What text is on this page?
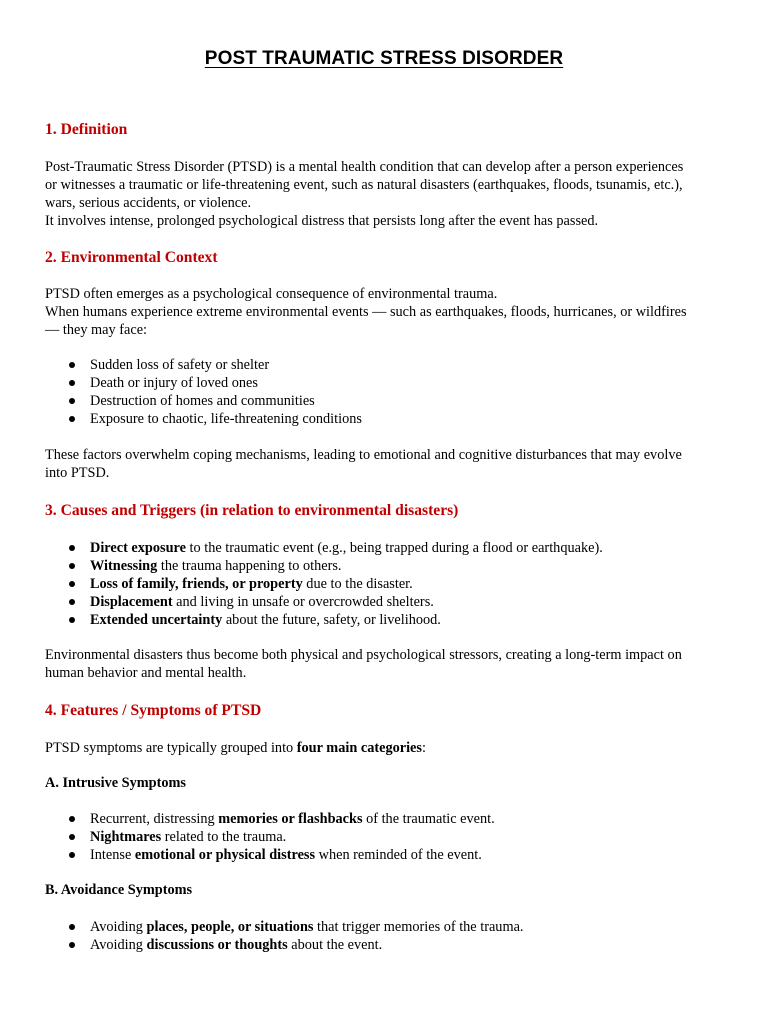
POST TRAUMATIC STRESS DISORDER
1. Definition
Post-Traumatic Stress Disorder (PTSD) is a mental health condition that can develop after a person experiences
or witnesses a traumatic or life-threatening event, such as natural disasters (earthquakes, floods, tsunamis, etc.),
wars, serious accidents, or violence.
It involves intense, prolonged psychological distress that persists long after the event has passed.
2. Environmental Context
PTSD often emerges as a psychological consequence of environmental trauma.
When humans experience extreme environmental events — such as earthquakes, floods, hurricanes, or wildfires
— they may face:
Sudden loss of safety or shelter
Death or injury of loved ones
Destruction of homes and communities
Exposure to chaotic, life-threatening conditions
These factors overwhelm coping mechanisms, leading to emotional and cognitive disturbances that may evolve
into PTSD.
3. Causes and Triggers (in relation to environmental disasters)
Direct exposure to the traumatic event (e.g., being trapped during a flood or earthquake).
Witnessing the trauma happening to others.
Loss of family, friends, or property due to the disaster.
Displacement and living in unsafe or overcrowded shelters.
Extended uncertainty about the future, safety, or livelihood.
Environmental disasters thus become both physical and psychological stressors, creating a long-term impact on
human behavior and mental health.
4. Features / Symptoms of PTSD
PTSD symptoms are typically grouped into four main categories:
A. Intrusive Symptoms
Recurrent, distressing memories or flashbacks of the traumatic event.
Nightmares related to the trauma.
Intense emotional or physical distress when reminded of the event.
B. Avoidance Symptoms
Avoiding places, people, or situations that trigger memories of the trauma.
Avoiding discussions or thoughts about the event.
